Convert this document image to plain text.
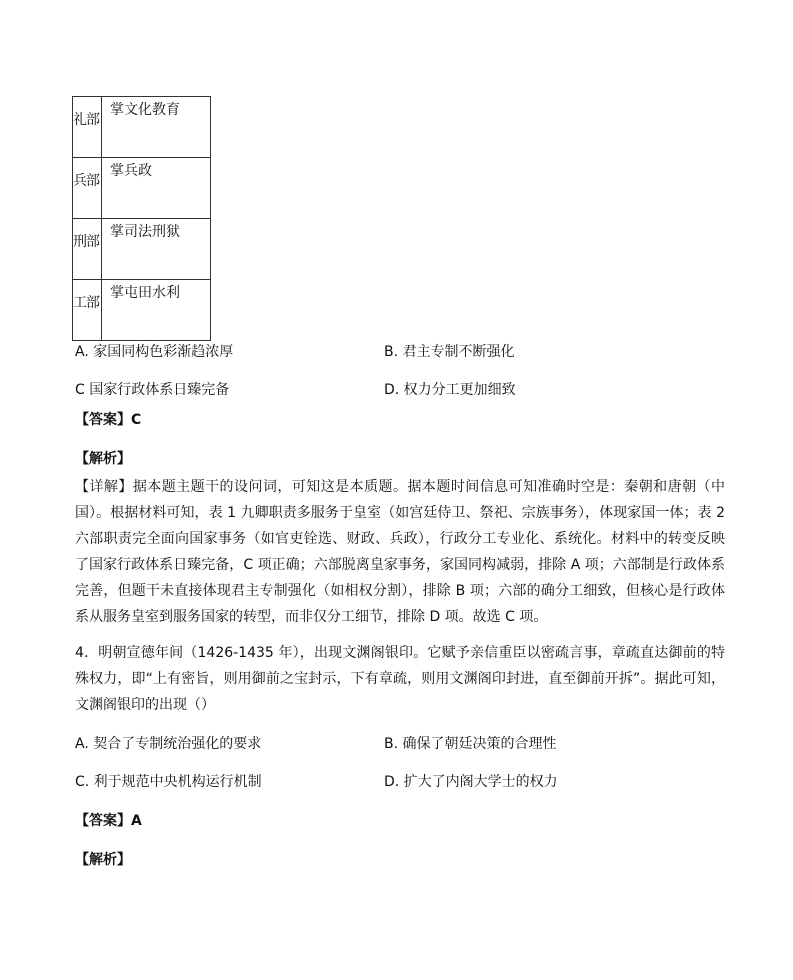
礼部	掌文化教育
兵部	掌兵政
刑部	掌司法刑狱
工部	掌屯田水利
A. 家国同构色彩渐趋浓厚	B. 君主专制不断强化
C 国家行政体系日臻完备	D. 权力分工更加细致
【答案】C
【解析】
【详解】据本题主题干的设问词，可知这是本质题。据本题时间信息可知准确时空是：秦朝和唐朝（中国）。根据材料可知，表 1 九卿职责多服务于皇室（如宫廷侍卫、祭祀、宗族事务），体现家国一体；表 2 六部职责完全面向国家事务（如官吏铨选、财政、兵政），行政分工专业化、系统化。材料中的转变反映了国家行政体系日臻完备，C 项正确；六部脱离皇家事务，家国同构减弱，排除 A 项；六部制是行政体系完善，但题干未直接体现君主专制强化（如相权分割），排除 B 项；六部的确分工细致，但核心是行政体系从服务皇室到服务国家的转型，而非仅分工细节，排除 D 项。故选 C 项。
4．明朝宣德年间（1426-1435 年），出现文渊阁银印。它赋予亲信重臣以密疏言事，章疏直达御前的特殊权力，即“上有密旨，则用御前之宝封示，下有章疏，则用文渊阁印封进，直至御前开拆”。据此可知，文渊阁银印的出现（）
A. 契合了专制统治强化的要求	B. 确保了朝廷决策的合理性
C. 利于规范中央机构运行机制	D. 扩大了内阁大学士的权力
【答案】A
【解析】
